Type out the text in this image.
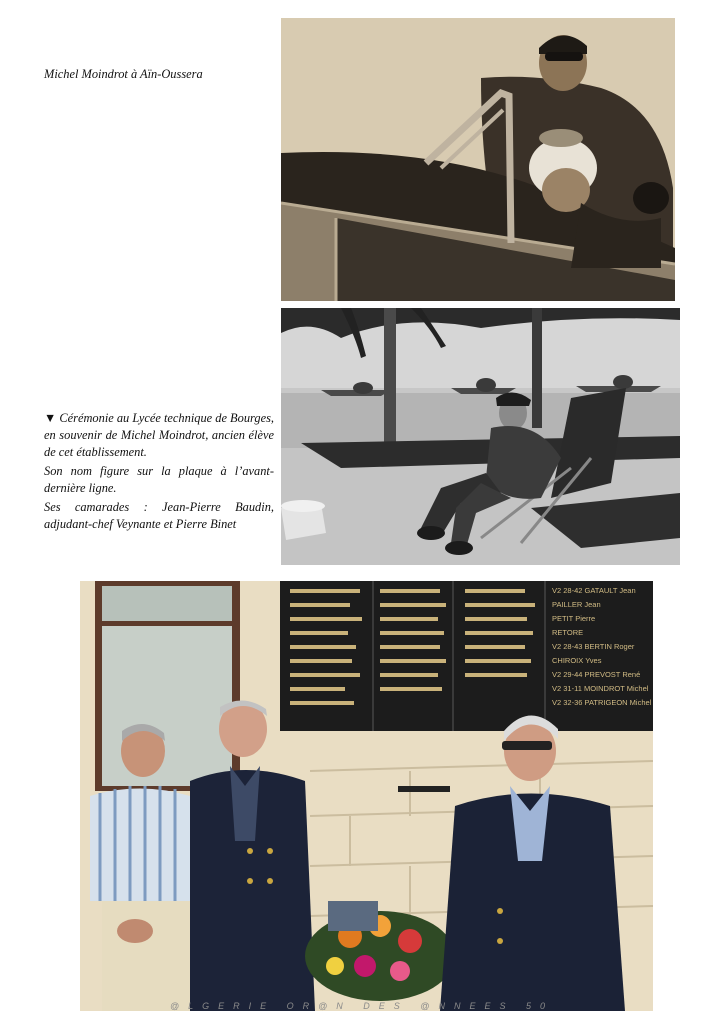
Michel Moindrot à Aïn-Oussera

▼ Cérémonie au Lycée technique de Bourges, en souvenir de Michel Moindrot, ancien élève de cet établissement.

Son nom figure sur la plaque à l’avant-dernière ligne.

Ses camarades : Jean-Pierre Baudin, adjudant-chef Veynante et Pierre Binet

V2 28-42 GATAULT Jean
PAILLER Jean
PETIT Pierre
RETORE
V2 28-43 BERTIN Roger
CHIROIX Yves
V2 29-44 PREVOST René
V2 31-11 MOINDROT Michel
V2 32-36 PATRIGEON Michel
@LGERIE OR@N DES @NNEES 50
